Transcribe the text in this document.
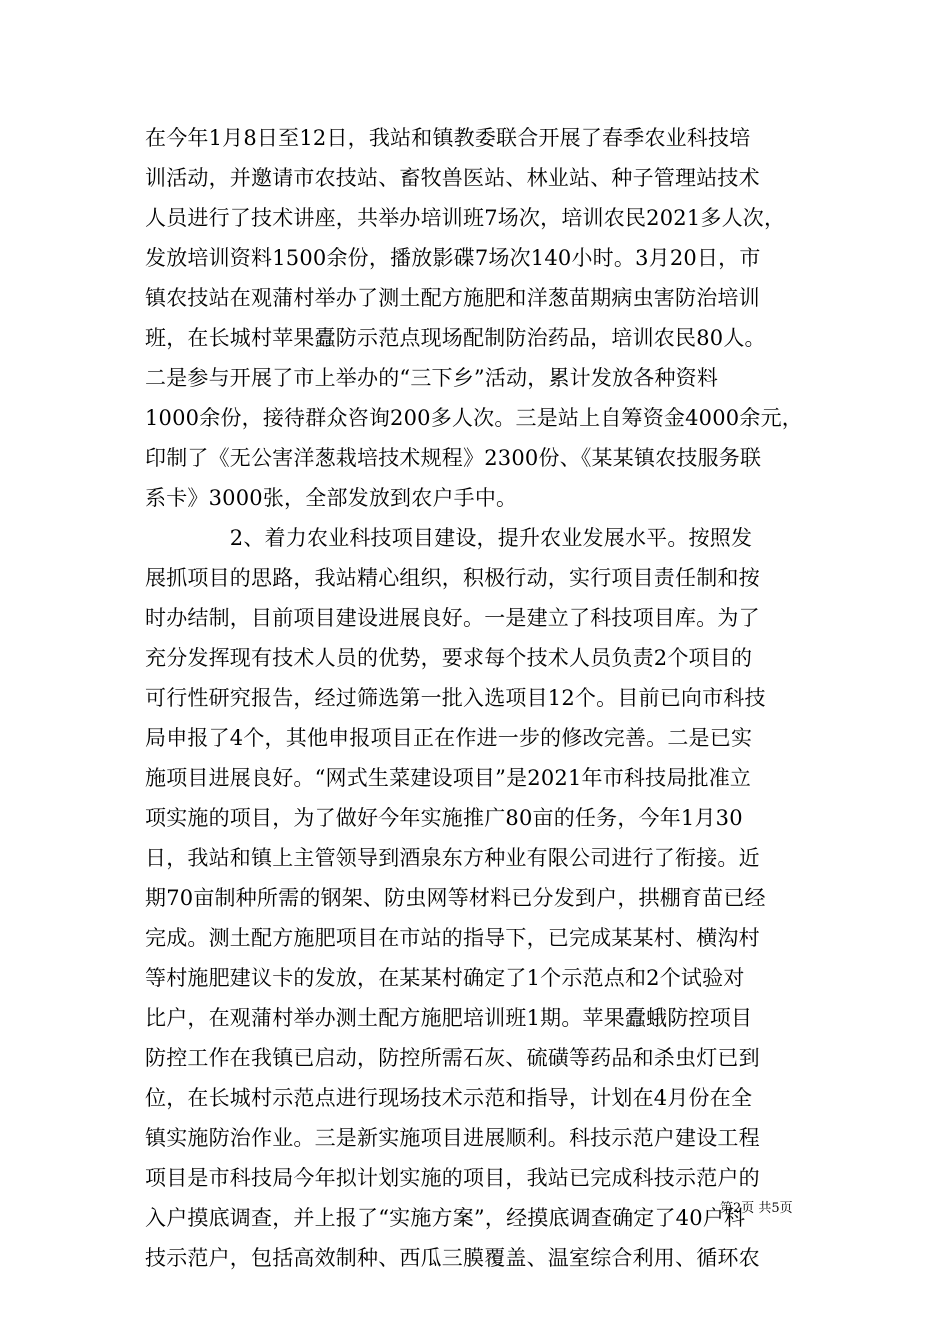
在今年1月8日至12日，我站和镇教委联合开展了春季农业科技培
训活动，并邀请市农技站、畜牧兽医站、林业站、种子管理站技术
人员进行了技术讲座，共举办培训班7场次，培训农民2021多人次，
发放培训资料1500余份，播放影碟7场次140小时。3月20日，市
镇农技站在观蒲村举办了测土配方施肥和洋葱苗期病虫害防治培训
班，在长城村苹果蠹防示范点现场配制防治药品，培训农民80人。
二是参与开展了市上举办的“三下乡”活动，累计发放各种资料
1000余份，接待群众咨询200多人次。三是站上自筹资金4000余元，
印制了《无公害洋葱栽培技术规程》2300份、《某某镇农技服务联
系卡》3000张，全部发放到农户手中。
　　　　2、着力农业科技项目建设，提升农业发展水平。按照发
展抓项目的思路，我站精心组织，积极行动，实行项目责任制和按
时办结制，目前项目建设进展良好。一是建立了科技项目库。为了
充分发挥现有技术人员的优势，要求每个技术人员负责2个项目的
可行性研究报告，经过筛选第一批入选项目12个。目前已向市科技
局申报了4个，其他申报项目正在作进一步的修改完善。二是已实
施项目进展良好。“网式生菜建设项目”是2021年市科技局批准立
项实施的项目，为了做好今年实施推广80亩的任务，今年1月30
日，我站和镇上主管领导到酒泉东方种业有限公司进行了衔接。近
期70亩制种所需的钢架、防虫网等材料已分发到户，拱棚育苗已经
完成。测土配方施肥项目在市站的指导下，已完成某某村、横沟村
等村施肥建议卡的发放，在某某村确定了1个示范点和2个试验对
比户，在观蒲村举办测土配方施肥培训班1期。苹果蠹蛾防控项目
防控工作在我镇已启动，防控所需石灰、硫磺等药品和杀虫灯已到
位，在长城村示范点进行现场技术示范和指导，计划在4月份在全
镇实施防治作业。三是新实施项目进展顺利。科技示范户建设工程
项目是市科技局今年拟计划实施的项目，我站已完成科技示范户的
入户摸底调查，并上报了“实施方案”，经摸底调查确定了40户科
技示范户，包括高效制种、西瓜三膜覆盖、温室综合利用、循环农
第2页 共5页
